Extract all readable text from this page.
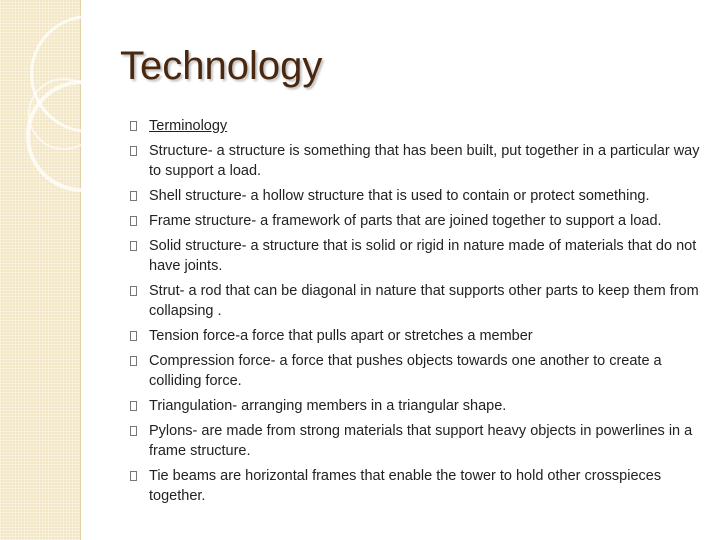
Technology
Terminology
Structure- a structure is something that has been built, put together in a particular way to support a load.
Shell structure- a hollow structure that is used to contain or protect something.
Frame structure- a framework of parts that are joined together to support a load.
Solid structure- a structure that is solid or rigid in nature made of materials that do not have joints.
Strut- a rod that can be diagonal in nature that supports other parts to keep them from collapsing .
Tension force-a force that pulls apart or stretches a member
Compression force- a force that pushes objects towards one another to create a colliding force.
Triangulation- arranging members in a triangular shape.
Pylons- are made from strong materials that support heavy objects in powerlines in a frame structure.
Tie beams are horizontal frames that enable the tower to hold other crosspieces together.
